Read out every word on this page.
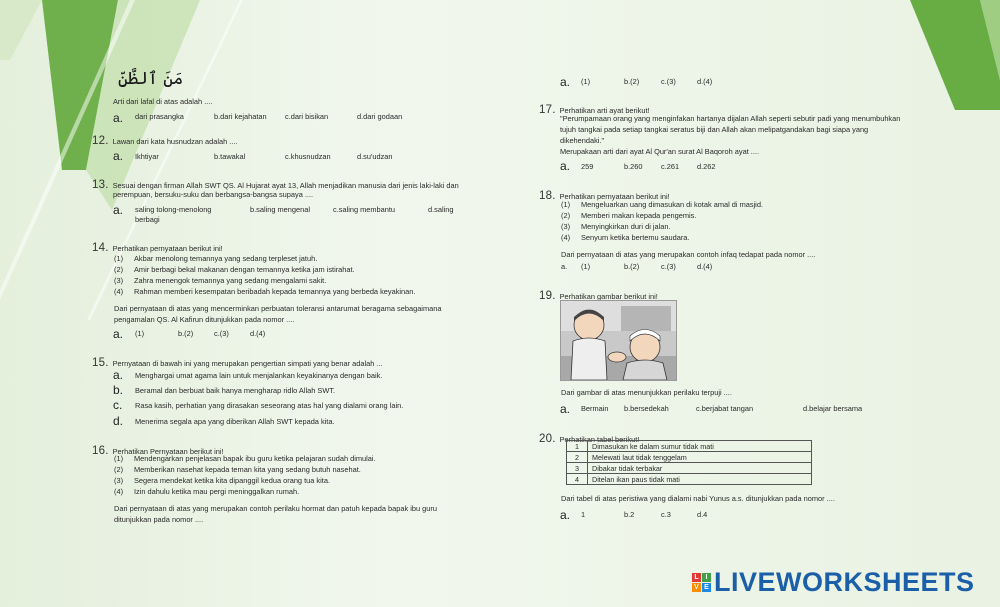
مَنَ ٱلظَّنِّ
Arti dari lafal di atas adalah ....
a.	dari prasangka	b.dari kejahatan c.dari bisikan	d.dari godaan
12. Lawan dari kata husnudzan adalah ....
a.	Ikhtiyar	b.tawakal	c.khusnudzan	d.su'udzan
13. Sesuai dengan firman Allah SWT QS. Al Hujarat ayat 13, Allah menjadikan manusia dari jenis laki-laki dan
perempuan, bersuku-suku dan berbangsa-bangsa supaya ....
a.	saling tolong-menolong
berbagi
b.saling mengenal	c.saling membantu	d.saling
14. Perhatikan pernyataan berikut ini!
(1) Akbar menolong temannya yang sedang terpleset jatuh.
(2) Amir berbagi bekal makanan dengan temannya ketika jam istirahat.
(3) Zahra menengok temannya yang sedang mengalami sakit.
(4) Rahman memberi kesempatan beribadah kepada temannya yang berbeda keyakinan.
Dari pernyataan di atas yang mencerminkan perbuatan toleransi antarumat beragama sebagaimana
pengamalan QS. Al Kafirun ditunjukkan pada nomor ....
a.	(1)	b.(2)	c.(3)	d.(4)
15. Pernyataan di bawah ini yang merupakan pengertian simpati yang benar adalah ...
a.	Menghargai umat agama lain untuk menjalankan keyakinanya dengan baik.
b.	Beramal dan berbuat baik hanya mengharap ridlo Allah SWT.
c.	Rasa kasih, perhatian yang dirasakan seseorang atas hal yang dialami orang lain.
d.	Menerima segala apa yang diberikan Allah SWT kepada kita.
16. Perhatikan Pernyataan berikut ini!
(1) Mendengarkan penjelasan bapak ibu guru ketika pelajaran sudah dimulai.
(2) Memberikan nasehat kepada teman kita yang sedang butuh nasehat.
(3) Segera mendekat ketika kita dipanggil kedua orang tua kita.
(4) Izin dahulu ketika mau pergi meninggalkan rumah.
Dari pernyataan di atas yang merupakan contoh perilaku hormat dan patuh kepada bapak ibu guru
ditunjukkan pada nomor ....
a.	(1)	b.(2)	c.(3)	d.(4)
17. Perhatikan arti ayat berikut!
"Perumpamaan orang yang menginfakan hartanya dijalan Allah seperti sebutir padi yang menumbuhkan
tujuh tangkai pada setiap tangkai seratus biji dan Allah akan melipatgandakan bagi siapa yang
dikehendaki."
Merupakaan arti dari ayat Al Qur'an surat Al Baqoroh ayat ....
a.	259	b.260	c.261 d.262
18. Perhatikan pernyataan berikut ini!
(1) Mengeluarkan uang dimasukan di kotak amal di masjid.
(2) Memberi makan kepada pengemis.
(3) Menyingkirkan duri di jalan.
(4) Senyum ketika bertemu saudara.
Dari pernyataan di atas yang merupakan contoh infaq tedapat pada nomor ....
a. (1)	b.(2)	c.(3)	d.(4)
19. Perhatikan gambar berikut ini!
Dari gambar di atas menunjukkan perilaku terpuji ....
a.	Bermain b.bersedekah	c.berjabat tangan	d.belajar bersama
20. Perhatikan tabel berikut!
1	Dimasukan ke dalam sumur tidak mati
2	Melewati laut tidak tenggelam
3	Dibakar tidak terbakar
4	Ditelan ikan paus tidak mati
Dari tabel di atas peristiwa yang dialami nabi Yunus a.s. ditunjukkan pada nomor ....
a.	1	b.2	c.3	d.4
L I
V E LIVEWORKSHEETS
